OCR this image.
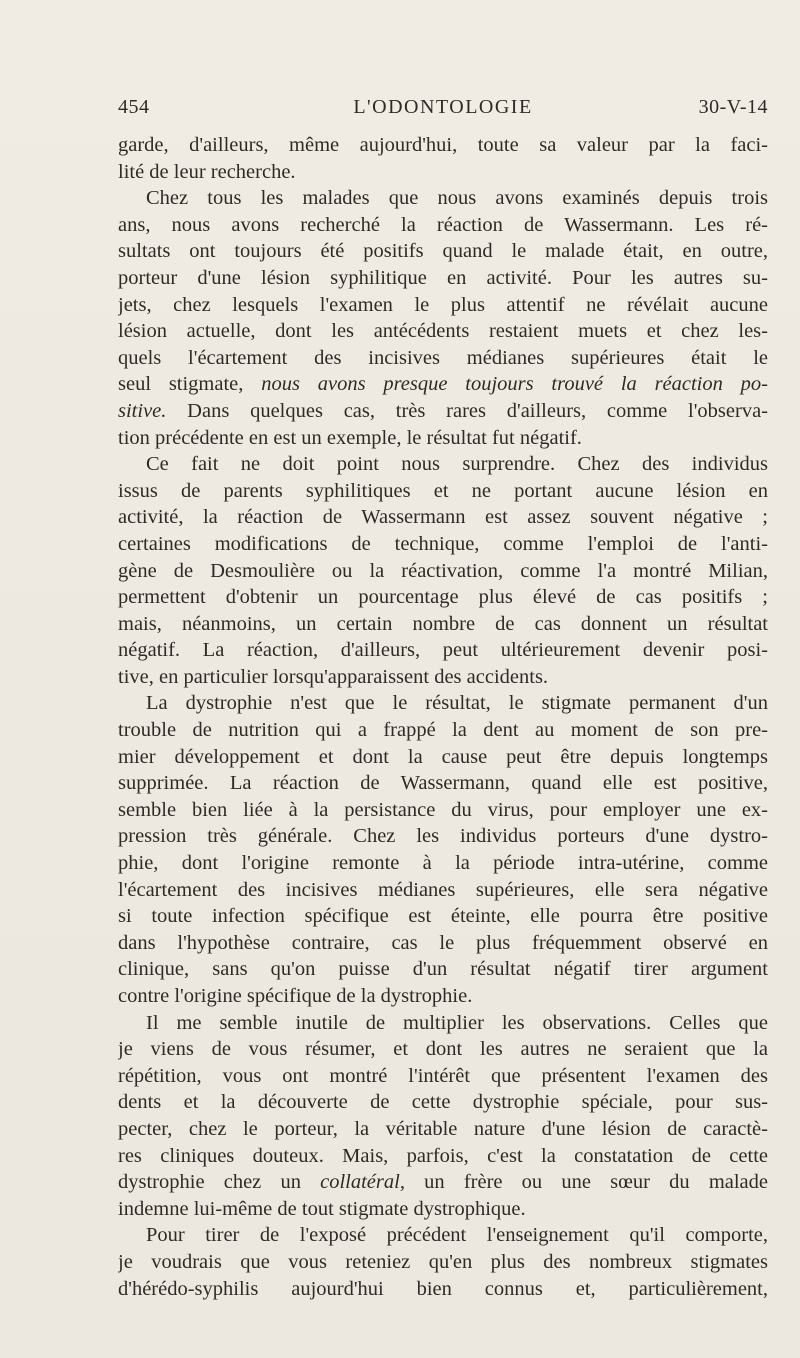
454	L'ODONTOLOGIE	30-V-14
garde, d'ailleurs, même aujourd'hui, toute sa valeur par la faci-
lité de leur recherche.
Chez tous les malades que nous avons examinés depuis trois
ans, nous avons recherché la réaction de Wassermann. Les ré-
sultats ont toujours été positifs quand le malade était, en outre,
porteur d'une lésion syphilitique en activité. Pour les autres su-
jets, chez lesquels l'examen le plus attentif ne révélait aucune
lésion actuelle, dont les antécédents restaient muets et chez les-
quels l'écartement des incisives médianes supérieures était le
seul stigmate, nous avons presque toujours trouvé la réaction po-
sitive. Dans quelques cas, très rares d'ailleurs, comme l'observa-
tion précédente en est un exemple, le résultat fut négatif.
Ce fait ne doit point nous surprendre. Chez des individus
issus de parents syphilitiques et ne portant aucune lésion en
activité, la réaction de Wassermann est assez souvent négative ;
certaines modifications de technique, comme l'emploi de l'anti-
gène de Desmoulière ou la réactivation, comme l'a montré Milian,
permettent d'obtenir un pourcentage plus élevé de cas positifs ;
mais, néanmoins, un certain nombre de cas donnent un résultat
négatif. La réaction, d'ailleurs, peut ultérieurement devenir posi-
tive, en particulier lorsqu'apparaissent des accidents.
La dystrophie n'est que le résultat, le stigmate permanent d'un
trouble de nutrition qui a frappé la dent au moment de son pre-
mier développement et dont la cause peut être depuis longtemps
supprimée. La réaction de Wassermann, quand elle est positive,
semble bien liée à la persistance du virus, pour employer une ex-
pression très générale. Chez les individus porteurs d'une dystro-
phie, dont l'origine remonte à la période intra-utérine, comme
l'écartement des incisives médianes supérieures, elle sera négative
si toute infection spécifique est éteinte, elle pourra être positive
dans l'hypothèse contraire, cas le plus fréquemment observé en
clinique, sans qu'on puisse d'un résultat négatif tirer argument
contre l'origine spécifique de la dystrophie.
Il me semble inutile de multiplier les observations. Celles que
je viens de vous résumer, et dont les autres ne seraient que la
répétition, vous ont montré l'intérêt que présentent l'examen des
dents et la découverte de cette dystrophie spéciale, pour sus-
pecter, chez le porteur, la véritable nature d'une lésion de caractè-
res cliniques douteux. Mais, parfois, c'est la constatation de cette
dystrophie chez un collatéral, un frère ou une sœur du malade
indemne lui-même de tout stigmate dystrophique.
Pour tirer de l'exposé précédent l'enseignement qu'il comporte,
je voudrais que vous reteniez qu'en plus des nombreux stigmates
d'hérédo-syphilis aujourd'hui bien connus et, particulièrement,
